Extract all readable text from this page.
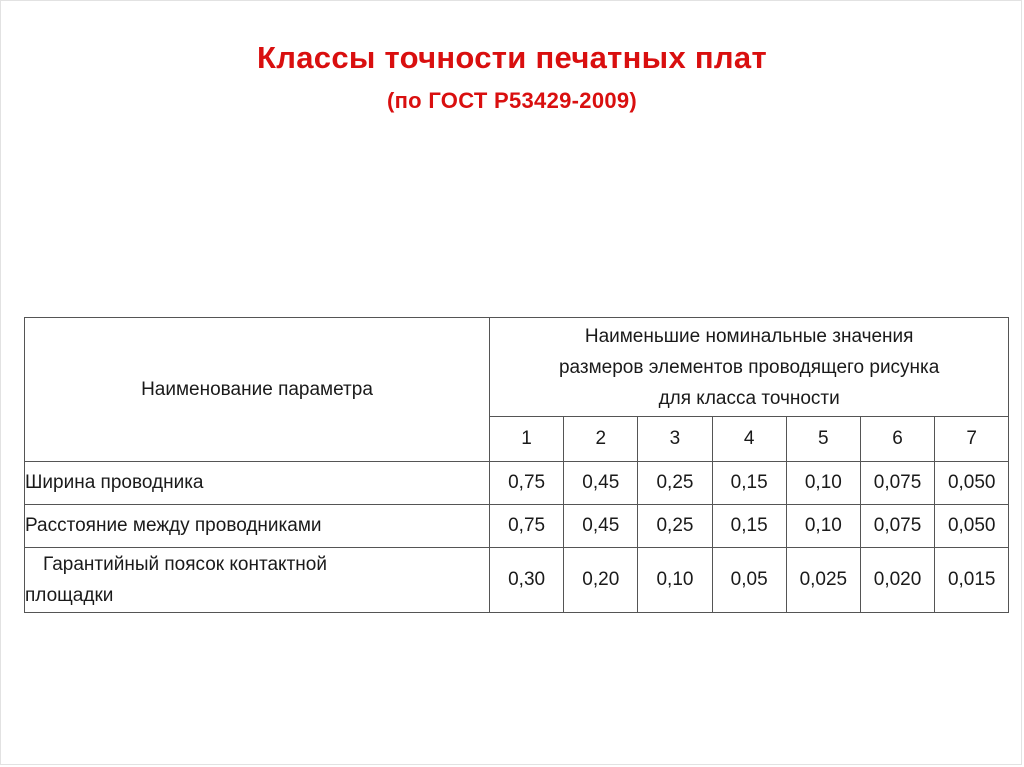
Классы точности печатных плат
(по ГОСТ Р53429-2009)
Наименование параметра	Наименьшие номинальные значения
размеров элементов проводящего рисунка
для класса точности						

	1	2	3	4	5	6	7
Ширина проводника	0,75	0,45	0,25	0,15	0,10	0,075	0,050
Расстояние между проводниками	0,75	0,45	0,25	0,15	0,10	0,075	0,050

Гарантийный поясок контактной
площадки	0,30	0,20	0,10	0,05	0,025	0,020	0,015
